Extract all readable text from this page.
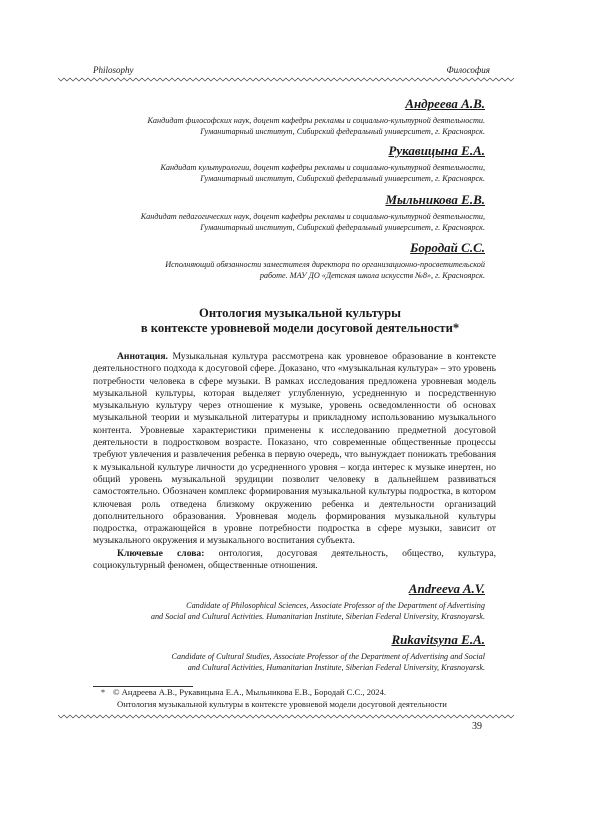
Philosophy	Философия

Андреева А.В.

Кандидат философских наук, доцент кафедры рекламы и социально-культурной деятельности.
Гуманитарный институт, Сибирский федеральный университет, г. Красноярск.

Рукавицына Е.А.

Кандидат культурологии, доцент кафедры рекламы и социально-культурной деятельности,
Гуманитарный институт, Сибирский федеральный университет, г. Красноярск.

Мыльникова Е.В.

Кандидат педагогических наук, доцент кафедры рекламы и социально-культурной деятельности,
Гуманитарный институт, Сибирский федеральный университет, г. Красноярск.

Бородай С.С.

Исполняющий обязанности заместителя директора по организационно-просветительской
работе. МАУ ДО «Детская школа искусств №8», г. Красноярск.

Онтология музыкальной культуры
в контексте уровневой модели досуговой деятельности*

Аннотация. Музыкальная культура рассмотрена как уровневое образование в контексте деятельностного подхода к досуговой сфере. Доказано, что «музыкальная культура» – это уровень потребности человека в сфере музыки. В рамках исследования предложена уровневая модель музыкальной культуры, которая выделяет углубленную, усредненную и посредственную музыкальную культуру через отношение к музыке, уровень осведомленности об основах музыкальной теории и музыкальной литературы и прикладному использованию музыкального контента. Уровневые характеристики применены к исследованию предметной досуговой деятельности в подростковом возрасте. Показано, что современные общественные процессы требуют увлечения и развлечения ребенка в первую очередь, что вынуждает понижать требования к музыкальной культуре личности до усредненного уровня – когда интерес к музыке инертен, но общий уровень музыкальной эрудиции позволит человеку в дальнейшем развиваться самостоятельно. Обозначен комплекс формирования музыкальной культуры подростка, в котором ключевая роль отведена близкому окружению ребенка и деятельности организаций дополнительного образования. Уровневая модель формирования музыкальной культуры подростка, отражающейся в уровне потребности подростка в сфере музыки, зависит от музыкального окружения и музыкального воспитания субъекта.

Ключевые слова: онтология, досуговая деятельность, общество, культура, социокультурный феномен, общественные отношения.

Andreeva A.V.

Candidate of Philosophical Sciences, Associate Professor of the Department of Advertising
and Social and Cultural Activities. Humanitarian Institute, Siberian Federal University, Krasnoyarsk.

Rukavitsyna E.A.

Candidate of Cultural Studies, Associate Professor of the Department of Advertising and Social
and Cultural Activities, Humanitarian Institute, Siberian Federal University, Krasnoyarsk.

* © Андреева А.В., Рукавицына Е.А., Мыльникова Е.В., Бородай С.С., 2024.
Онтология музыкальной культуры в контексте уровневой модели досуговой деятельности
39
